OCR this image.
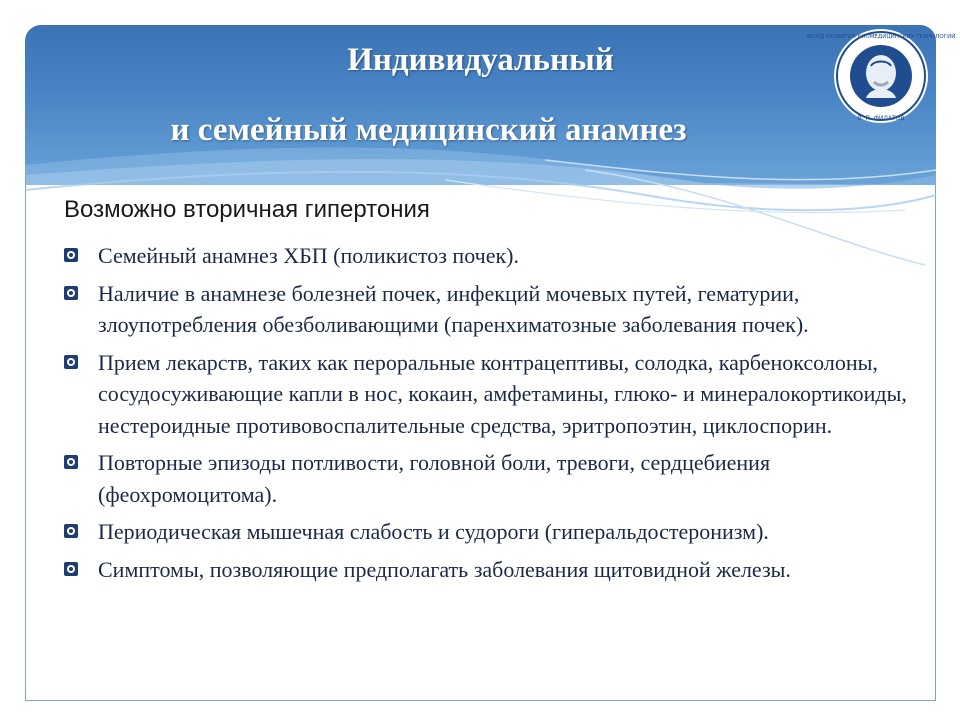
Индивидуальный
и семейный медицинский анамнез
ФОНД РАЗВИТИЯ БИОМЕДИЦИНСКИХ ТЕХНОЛОГИЙ
В. П. ФИЛАТОВ
Возможно вторичная гипертония
Семейный анамнез ХБП (поликистоз почек).
Наличие в анамнезе болезней почек, инфекций мочевых путей, гематурии, злоупотребления обезболивающими (паренхиматозные заболевания почек).
Прием лекарств, таких как пероральные контрацептивы, солодка, карбеноксолоны, сосудосуживающие капли в нос, кокаин, амфетамины, глюко- и минералокортикоиды, нестероидные противовоспалительные средства, эритропоэтин, циклоспорин.
Повторные эпизоды потливости, головной боли, тревоги, сердцебиения (феохромоцитома).
Периодическая мышечная слабость и судороги (гиперальдостеронизм).
Симптомы, позволяющие предполагать заболевания щитовидной железы.
